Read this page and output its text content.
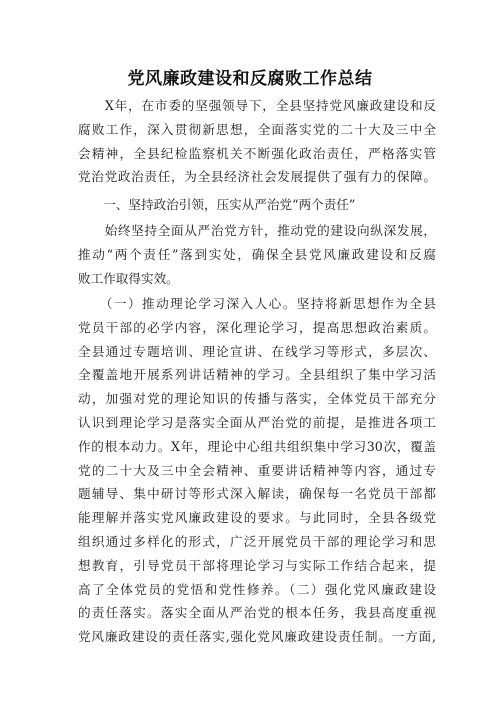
党风廉政建设和反腐败工作总结
　　X年，在市委的坚强领导下，全县坚持党风廉政建设和反
腐败工作，深入贯彻新思想，全面落实党的二十大及三中全
会精神，全县纪检监察机关不断强化政治责任，严格落实管
党治党政治责任，为全县经济社会发展提供了强有力的保障。
　　一、坚持政治引领，压实从严治党“两个责任”
　　始终坚持全面从严治党方针，推动党的建设向纵深发展，
推动“两个责任”落到实处，确保全县党风廉政建设和反腐
败工作取得实效。
　　（一）推动理论学习深入人心。坚持将新思想作为全县
党员干部的必学内容，深化理论学习，提高思想政治素质。
全县通过专题培训、理论宣讲、在线学习等形式，多层次、
全覆盖地开展系列讲话精神的学习。全县组织了集中学习活
动，加强对党的理论知识的传播与落实，全体党员干部充分
认识到理论学习是落实全面从严治党的前提，是推进各项工
作的根本动力。X年，理论中心组共组织集中学习30次，覆盖
党的二十大及三中全会精神、重要讲话精神等内容，通过专
题辅导、集中研讨等形式深入解读，确保每一名党员干部都
能理解并落实党风廉政建设的要求。与此同时，全县各级党
组织通过多样化的形式，广泛开展党员干部的理论学习和思
想教育，引导党员干部将理论学习与实际工作结合起来，提
高了全体党员的党悟和党性修养。（二）强化党风廉政建设
的责任落实。落实全面从严治党的根本任务，我县高度重视
党风廉政建设的责任落实,强化党风廉政建设责任制。一方面,
